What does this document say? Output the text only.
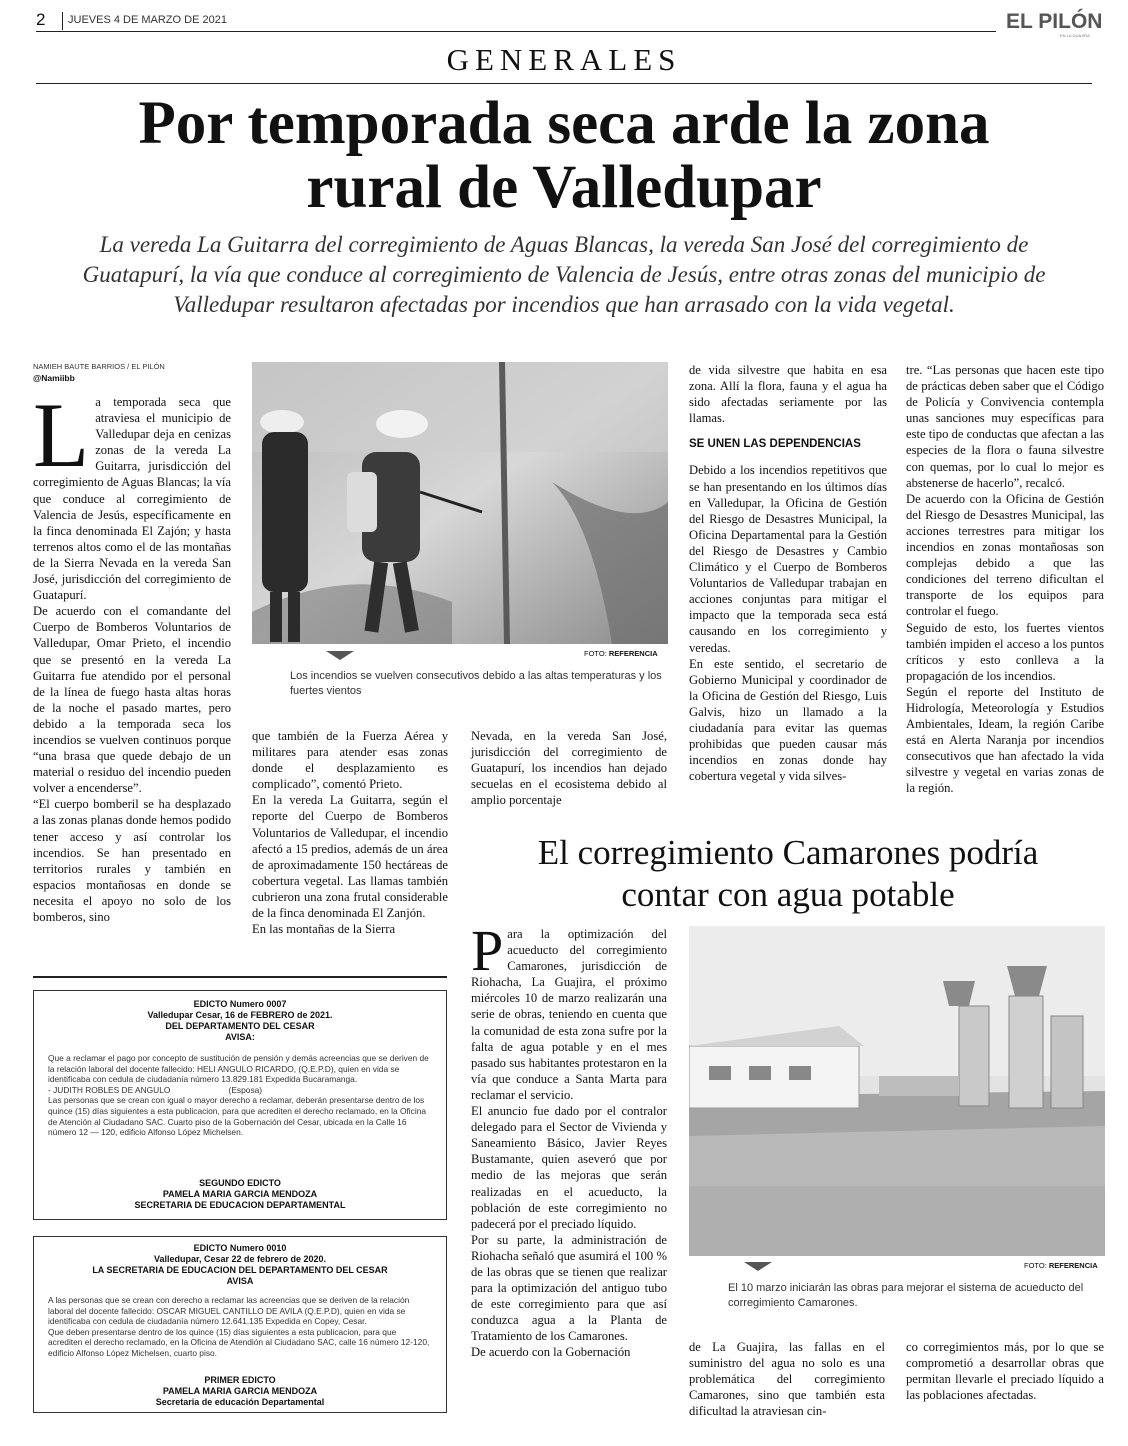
2 JUEVES 4 DE MARZO DE 2021	EL PILÓN
EN LA GUAJIRA
GENERALES
Por temporada seca arde la zona
rural de Valledupar
La vereda La Guitarra del corregimiento de Aguas Blancas, la vereda San José del corregimiento de Guatapurí, la vía que conduce al corregimiento de Valencia de Jesús, entre otras zonas del municipio de Valledupar resultaron afectadas por incendios que han arrasado con la vida vegetal.
NAMIEH BAUTE BARRIOS / EL PILÓN
@Namiibb
L a temporada seca que atraviesa el municipio de Valledupar deja en cenizas zonas de la vereda La Guitarra, jurisdicción del corregimiento de Aguas Blancas; la vía que conduce al corregimiento de Valencia de Jesús, específicamente en la finca denominada El Zajón; y hasta terrenos altos como el de las montañas de la Sierra Nevada en la vereda San José, jurisdicción del corregimiento de Guatapurí.

De acuerdo con el comandante del Cuerpo de Bomberos Voluntarios de Valledupar, Omar Prieto, el incendio que se presentó en la vereda La Guitarra fue atendido por el personal de la línea de fuego hasta altas horas de la noche el pasado martes, pero debido a la temporada seca los incendios se vuelven continuos porque “una brasa que quede debajo de un material o residuo del incendio pueden volver a encenderse”.

“El cuerpo bomberil se ha desplazado a las zonas planas donde hemos podido tener acceso y así controlar los incendios. Se han presentado en territorios rurales y también en espacios montañosas en donde se necesita el apoyo no solo de los bomberos, sino

FOTO: REFERENCIA
Los incendios se vuelven consecutivos debido a las altas temperaturas y los fuertes vientos

que también de la Fuerza Aérea y militares para atender esas zonas donde el desplazamiento es complicado”, comentó Prieto.

En la vereda La Guitarra, según el reporte del Cuerpo de Bomberos Voluntarios de Valledupar, el incendio afectó a 15 predios, además de un área de aproximadamente 150 hectáreas de cobertura vegetal. Las llamas también cubrieron una zona frutal considerable de la finca denominada El Zanjón.

En las montañas de la Sierra

Nevada, en la vereda San José, jurisdicción del corregimiento de Guatapurí, los incendios han dejado secuelas en el ecosistema debido al amplio porcentaje

de vida silvestre que habita en esa zona. Allí la flora, fauna y el agua ha sido afectadas seriamente por las llamas.

SE UNEN LAS DEPENDENCIAS

Debido a los incendios repetitivos que se han presentando en los últimos días en Valledupar, la Oficina de Gestión del Riesgo de Desastres Municipal, la Oficina Departamental para la Gestión del Riesgo de Desastres y Cambio Climático y el Cuerpo de Bomberos Voluntarios de Valledupar trabajan en acciones conjuntas para mitigar el impacto que la temporada seca está causando en los corregimiento y veredas.

En este sentido, el secretario de Gobierno Municipal y coordinador de la Oficina de Gestión del Riesgo, Luis Galvis, hizo un llamado a la ciudadanía para evitar las quemas prohibidas que pueden causar más incendios en zonas donde hay cobertura vegetal y vida silves-

tre. “Las personas que hacen este tipo de prácticas deben saber que el Código de Policía y Convivencia contempla unas sanciones muy específicas para este tipo de conductas que afectan a las especies de la flora o fauna silvestre con quemas, por lo cual lo mejor es abstenerse de hacerlo”, recalcó.

De acuerdo con la Oficina de Gestión del Riesgo de Desastres Municipal, las acciones terrestres para mitigar los incendios en zonas montañosas son complejas debido a que las condiciones del terreno dificultan el transporte de los equipos para controlar el fuego.

Seguido de esto, los fuertes vientos también impiden el acceso a los puntos críticos y esto conlleva a la propagación de los incendios.

Según el reporte del Instituto de Hidrología, Meteorología y Estudios Ambientales, Ideam, la región Caribe está en Alerta Naranja por incendios consecutivos que han afectado la vida silvestre y vegetal en varias zonas de la región.

El corregimiento Camarones podría
contar con agua potable
P ara la optimización del acueducto del corregimiento Camarones, jurisdicción de Riohacha, La Guajira, el próximo miércoles 10 de marzo realizarán una serie de obras, teniendo en cuenta que la comunidad de esta zona sufre por la falta de agua potable y en el mes pasado sus habitantes protestaron en la vía que conduce a Santa Marta para reclamar el servicio.

El anuncio fue dado por el contralor delegado para el Sector de Vivienda y Saneamiento Básico, Javier Reyes Bustamante, quien aseveró que por medio de las mejoras que serán realizadas en el acueducto, la población de este corregimiento no padecerá por el preciado líquido.

Por su parte, la administración de Riohacha señaló que asumirá el 100 % de las obras que se tienen que realizar para la optimización del antiguo tubo de este corregimiento para que así conduzca agua a la Planta de Tratamiento de los Camarones.

De acuerdo con la Gobernación

FOTO: REFERENCIA
El 10 marzo iniciarán las obras para mejorar el sistema de acueducto del corregimiento Camarones.

de La Guajira, las fallas en el suministro del agua no solo es una problemática del corregimiento Camarones, sino que también esta dificultad la atraviesan cin-

co corregimientos más, por lo que se comprometió a desarrollar obras que permitan llevarle el preciado líquido a las poblaciones afectadas.

EDICTO Numero 0007
Valledupar Cesar, 16 de FEBRERO de 2021.
DEL DEPARTAMENTO DEL CESAR
AVISA:
Que a reclamar el pago por concepto de sustitución de pensión y demás acreencias que se deriven de la relación laboral del docente fallecido: HELI ANGULO RICARDO, (Q.E.P.D), quien en vida se identificaba con cedula de ciudadanía número 13.829.181 Expedida Bucaramanga.
- JUDITH ROBLES DE ANGULO                         (Esposa)
Las personas que se crean con igual o mayor derecho a reclamar, deberán presentarse dentro de los quince (15) días siguientes a esta publicacion, para que acrediten el derecho reclamado, en la Oficina de Atención al Ciudadano SAC. Cuarto piso de la Gobernación del Cesar, ubicada en la Calle 16 número 12 — 120, edificio Alfonso López Michelsen.
SEGUNDO EDICTO
PAMELA MARIA GARCIA MENDOZA
SECRETARIA DE EDUCACION DEPARTAMENTAL
EDICTO Numero 0010
Valledupar, Cesar 22 de febrero de 2020.
LA SECRETARIA DE EDUCACION DEL DEPARTAMENTO DEL CESAR
AVISA
A las personas que se crean con derecho a reclamar las acreencias que se deriven de la relación laboral del docente fallecido: OSCAR MIGUEL CANTILLO DE AVILA (Q.E.P.D), quien en vida se identificaba con cedula de ciudadanía número 12.641.135 Expedida en Copey, Cesar.
Que deben presentarse dentro de los quince (15) días siguientes a esta publicacion, para que acrediten el derecho reclamado, en la Oficina de Atendión al Ciudadano SAC, calle 16 número 12-120, edificio Alfonso López Michelsen, cuarto piso.
PRIMER EDICTO
PAMELA MARIA GARCIA MENDOZA
Secretaria de educación Departamental
